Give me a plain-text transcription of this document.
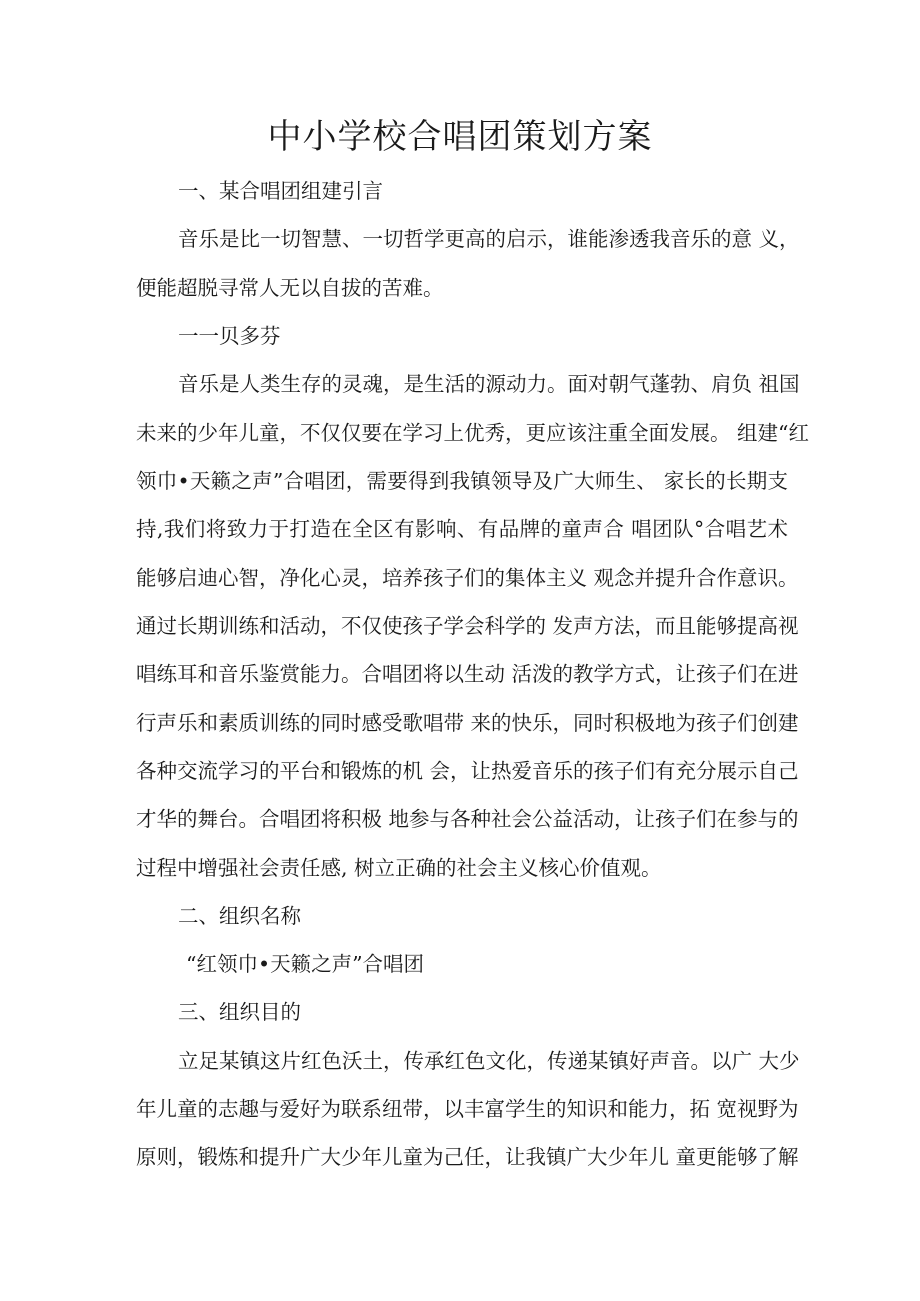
中小学校合唱团策划方案
一、某合唱团组建引言
音乐是比一切智慧、一切哲学更高的启示，谁能渗透我音乐的意 义，
便能超脱寻常人无以自拔的苦难。
一一贝多芬
音乐是人类生存的灵魂，是生活的源动力。面对朝气蓬勃、肩负 祖国
未来的少年儿童，不仅仅要在学习上优秀，更应该注重全面发展。 组建“红
领巾•天籁之声”合唱团，需要得到我镇领导及广大师生、 家长的长期支
持,我们将致力于打造在全区有影响、有品牌的童声合 唱团队°合唱艺术
能够启迪心智，净化心灵，培养孩子们的集体主义 观念并提升合作意识。
通过长期训练和活动，不仅使孩子学会科学的 发声方法，而且能够提高视
唱练耳和音乐鉴赏能力。合唱团将以生动 活泼的教学方式，让孩子们在进
行声乐和素质训练的同时感受歌唱带 来的快乐，同时积极地为孩子们创建
各种交流学习的平台和锻炼的机 会，让热爱音乐的孩子们有充分展示自己
才华的舞台。合唱团将积极 地参与各种社会公益活动，让孩子们在参与的
过程中增强社会责任感, 树立正确的社会主义核心价值观。
二、组织名称
“红领巾•天籁之声”合唱团
三、组织目的
立足某镇这片红色沃土，传承红色文化，传递某镇好声音。以广 大少
年儿童的志趣与爱好为联系纽带，以丰富学生的知识和能力，拓 宽视野为
原则，锻炼和提升广大少年儿童为己任，让我镇广大少年儿 童更能够了解
